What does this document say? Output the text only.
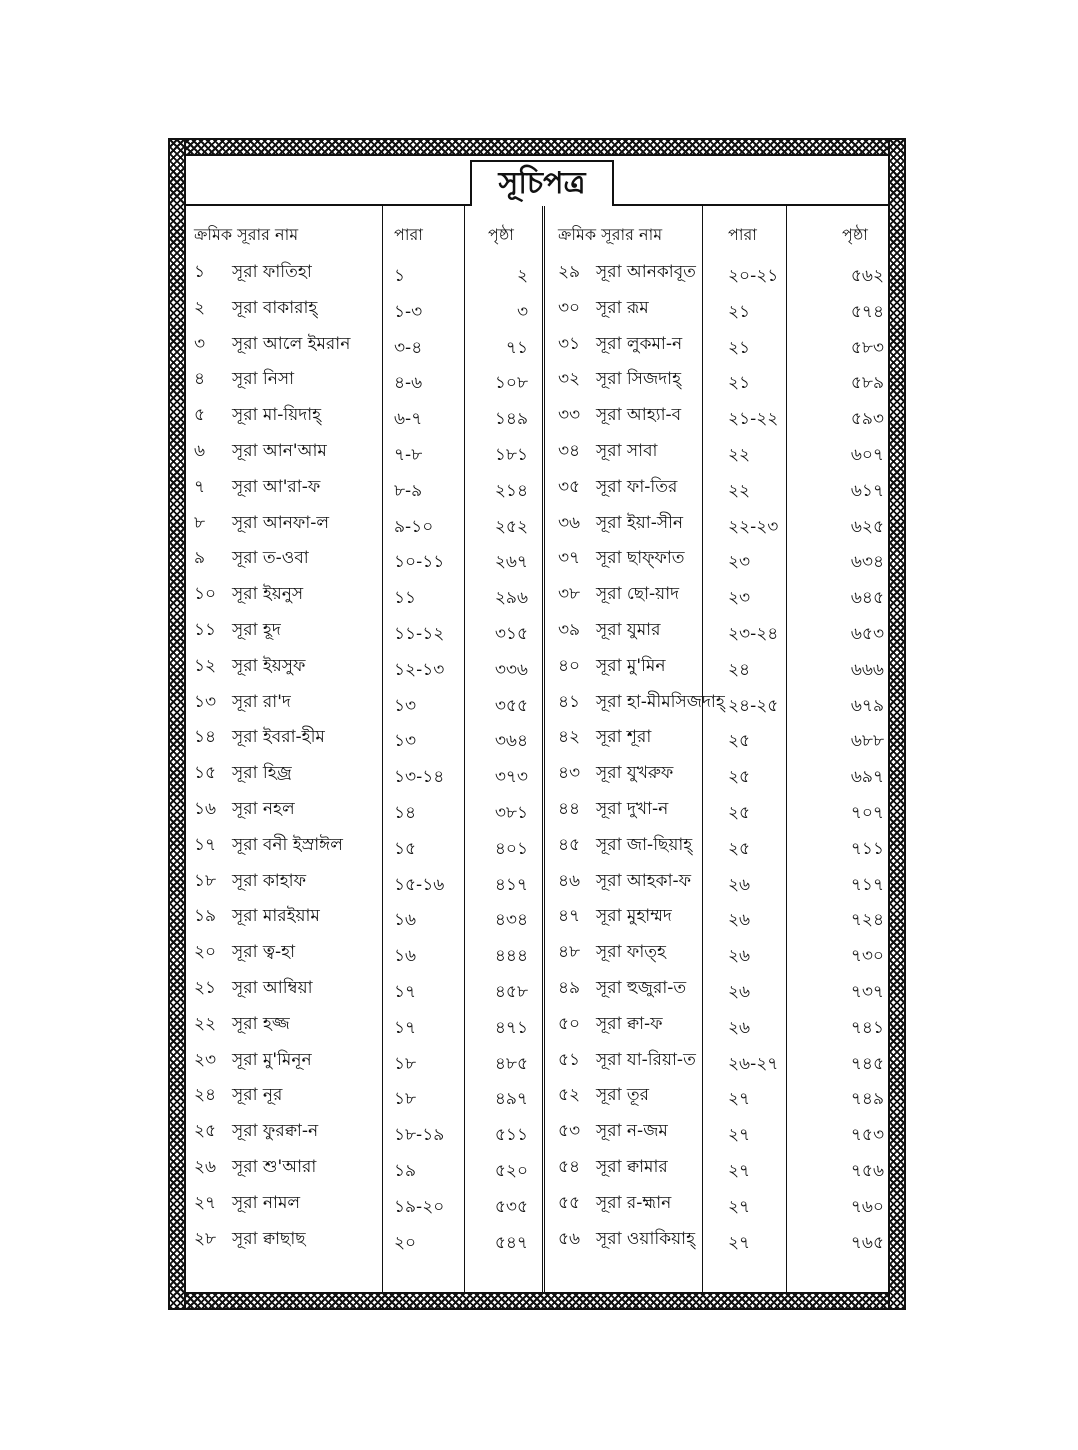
সূচিপত্র
ক্রমিক সূরার নাম	পারা	পৃষ্ঠা	ক্রমিক সূরার নাম	পারা	পৃষ্ঠা
১	সূরা ফাতিহা	১	২
২	সূরা বাকারাহ্	১-৩	৩
৩	সূরা আলে ইমরান	৩-৪	৭১
৪	সূরা নিসা	৪-৬	১০৮
৫	সূরা মা-য়িদাহ্	৬-৭	১৪৯
৬	সূরা আন'আম	৭-৮	১৮১
৭	সূরা আ'রা-ফ	৮-৯	২১৪
৮	সূরা আনফা-ল	৯-১০	২৫২
৯	সূরা ত-ওবা	১০-১১	২৬৭
১০ সূরা ইয়নুস	১১	২৯৬
১১ সূরা হূদ	১১-১২	৩১৫
১২ সূরা ইয়সুফ	১২-১৩	৩৩৬
১৩ সূরা রা'দ	১৩	৩৫৫
১৪ সূরা ইবরা-হীম	১৩	৩৬৪
১৫ সূরা হিজ্র	১৩-১৪	৩৭৩
১৬ সূরা নহল	১৪	৩৮১
১৭ সূরা বনী ইস্রাঈল	১৫	৪০১
১৮ সূরা কাহাফ	১৫-১৬	৪১৭
১৯ সূরা মারইয়াম	১৬	৪৩৪
২০ সূরা ত্ব-হা	১৬	৪৪৪
২১ সূরা আম্বিয়া	১৭	৪৫৮
২২ সূরা হজ্জ	১৭	৪৭১
২৩ সূরা মু'মিনূন	১৮	৪৮৫
২৪ সূরা নূর	১৮	৪৯৭
২৫ সূরা ফুরক্বা-ন	১৮-১৯	৫১১
২৬ সূরা শু'আরা	১৯	৫২০
২৭ সূরা নামল	১৯-২০	৫৩৫
২৮ সূরা ক্বাছাছ	২০	৫৪৭
২৯ সূরা আনকাবূত ২০-২১	৫৬২
৩০ সূরা রূম	২১	৫৭৪
৩১ সূরা লুকমা-ন	২১	৫৮৩
৩২ সূরা সিজদাহ্	২১	৫৮৯
৩৩ সূরা আহ্যা-ব	২১-২২	৫৯৩
৩৪ সূরা সাবা	২২	৬০৭
৩৫ সূরা ফা-তির	২২	৬১৭
৩৬ সূরা ইয়া-সীন	২২-২৩	৬২৫
৩৭ সূরা ছাফ্ফাত	২৩	৬৩৪
৩৮ সূরা ছো-য়াদ	২৩	৬৪৫
৩৯ সূরা যুমার	২৩-২৪	৬৫৩
৪০ সূরা মু'মিন	২৪	৬৬৬
৪১ সূরা হা-মীমসিজদাহ্ ২৪-২৫	৬৭৯
৪২ সূরা শূরা	২৫	৬৮৮
৪৩ সূরা যুখরুফ	২৫	৬৯৭
৪৪ সূরা দুখা-ন	২৫	৭০৭
৪৫ সূরা জা-ছিয়াহ্ ২৫	৭১১
৪৬ সূরা আহকা-ফ ২৬	৭১৭
৪৭ সূরা মুহাম্মদ	২৬	৭২৪
৪৮ সূরা ফাত্হ	২৬	৭৩০
৪৯ সূরা হুজুরা-ত ২৬	৭৩৭
৫০ সূরা ক্বা-ফ	২৬	৭৪১
৫১ সূরা যা-রিয়া-ত ২৬-২৭	৭৪৫
৫২ সূরা তূর	২৭	৭৪৯
৫৩ সূরা ন-জম	২৭	৭৫৩
৫৪ সূরা ক্বামার	২৭	৭৫৬
৫৫ সূরা র-হ্মান	২৭	৭৬০
৫৬ সূরা ওয়াকিয়াহ্ ২৭	৭৬৫
